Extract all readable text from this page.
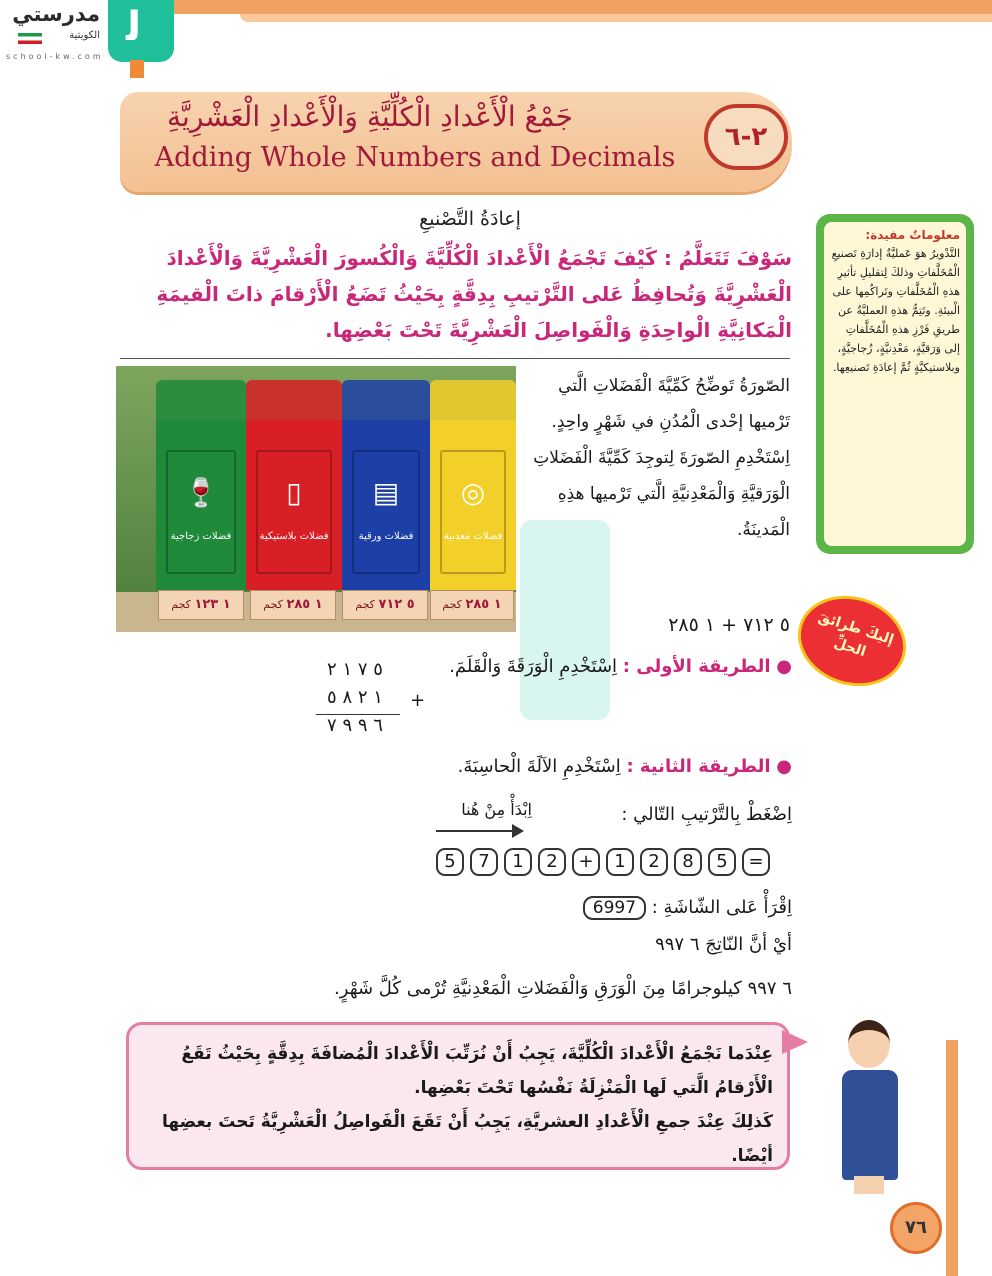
ﻟ
مدرستي
الكويتية
school-kw.com
جَمْعُ الْأَعْدادِ الْكُلِّيَّةِ وَالْأَعْدادِ الْعَشْرِيَّةِ
Adding Whole Numbers and Decimals
٢-٦
إعادَةُ التَّصْنيعِ
سَوْفَ تَتَعَلَّمُ : كَيْفَ تَجْمَعُ الْأَعْدادَ الْكُلِّيَّةَ وَالْكُسورَ الْعَشْرِيَّةَ وَالْأَعْدادَ الْعَشْرِيَّةَ وَتُحافِظُ عَلى التَّرْتيبِ بِدِقَّةٍ بِحَيْثُ تَضَعُ الْأَرْقامَ ذاتَ الْقيمَةِ الْمَكانِيَّةِ الْواحِدَةِ وَالْفَواصِلَ الْعَشْرِيَّةَ تَحْتَ بَعْضِها.
معلوماتٌ مفيدة:
التَّدْويرُ هوَ عَمليَّةُ إدارَةِ تَصنيعِ الْمُخَلَّفاتِ وذلكَ لِتقليلِ تأثيرِ هذهِ الْمُخَلَّفاتِ وتَراكُمِها على الْبيئةِ. وتَتِمُّ هذهِ العمليَّةُ عن طريقِ فَرْزِ هذهِ الْمُخَلَّفاتِ إلى وَرَقيَّةٍ، مَعْدِنيَّةٍ، زُجاجيَّةٍ، وبلاستيكيَّةٍ ثُمَّ إعادَةِ تَصنيعِها.
🍷
فضلات زجاجية
▯
فضلات بلاستيكية
▤
فضلات ورقية
◎
فضلات معدنية
١ ١٢٣ كجم	١ ٢٨٥ كجم	٥ ٧١٢ كجم	١ ٢٨٥ كجم
الصّورَةُ تَوضِّحُ كَمِّيَّةَ الْفَضَلاتِ الَّتي تَرْميها إحْدى الْمُدُنِ في شَهْرٍ واحِدٍ.
اِسْتَخْدِمِ الصّورَةَ لِتوجِدَ كَمِّيَّةَ الْفَضَلاتِ الْوَرَقيَّةِ وَالْمَعْدِنيَّةِ الَّتي تَرْميها هذِهِ الْمَدينَةُ.
٥ ٧١٢ + ١ ٢٨٥	إليكَ طرائقَ الحلِّ
● الطريقة الأولى : اِسْتَخْدِمِ الْوَرَقَةَ وَالْقَلَمَ.
٥ ٧ ١ ٢
١ ٢ ٨ ٥	+
٦ ٩ ٩ ٧
● الطريقة الثانية : اِسْتَخْدِمِ الآلَةَ الْحاسِبَةَ.
اِضْغَطْ بِالتَّرْتيبِ التّالي :
اِبْدَأْ مِنْ هُنا
5	7	1	2	+	1	2	8	5	=
اِقْرَأْ عَلى الشّاشَةِ : 6997
أيْ أنَّ النّاتِجَ ٦ ٩٩٧
٦ ٩٩٧ كيلوجرامًا مِنَ الْوَرَقِ وَالْفَضَلاتِ الْمَعْدِنيَّةِ تُرْمى كُلَّ شَهْرٍ.
عِنْدَما نَجْمَعُ الْأَعْدادَ الْكُلِّيَّةَ، يَجِبُ أَنْ نُرَتِّبَ الْأَعْدادَ الْمُضافَةَ بِدِقَّةٍ بِحَيْثُ تَقَعُ الْأَرْقامُ الَّتي لَها الْمَنْزِلَةُ نَفْسُها تَحْتَ بَعْضِها.
كَذلِكَ عِنْدَ جمعِ الْأَعْدادِ العشريَّةِ، يَجِبُ أَنْ تَقَعَ الْفَواصِلُ الْعَشْرِيَّةُ تَحتَ بعضِها أيْضًا.
٧٦
